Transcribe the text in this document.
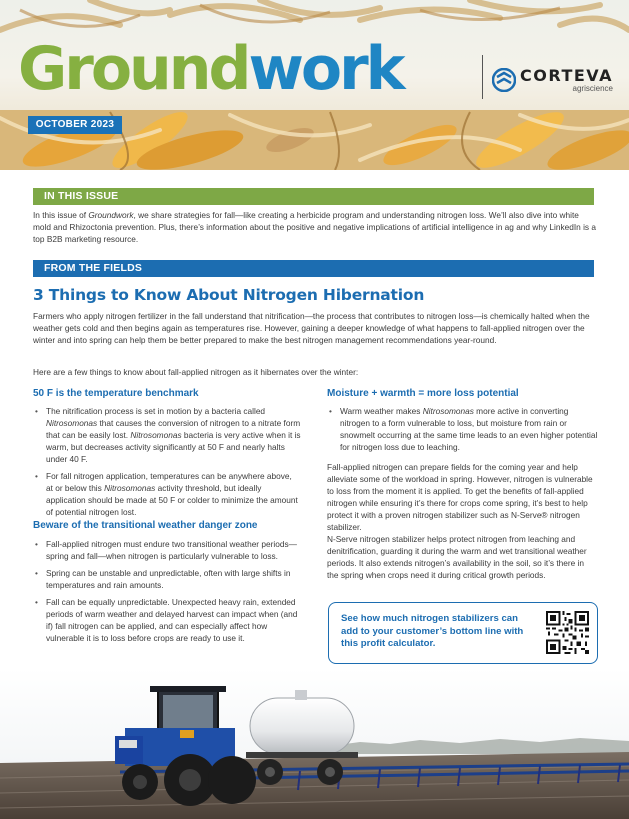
Groundwork	CORTEVA
agriscience
OCTOBER 2023
IN THIS ISSUE
In this issue of Groundwork, we share strategies for fall—like creating a herbicide program and understanding nitrogen loss. We’ll also dive into white mold and Rhizoctonia prevention. Plus, there’s information about the positive and negative implications of artificial intelligence in ag and why LinkedIn is a top B2B marketing resource.
FROM THE FIELDS
3 Things to Know About Nitrogen Hibernation
Farmers who apply nitrogen fertilizer in the fall understand that nitrification—the process that contributes to nitrogen loss—is chemically halted when the weather gets cold and then begins again as temperatures rise. However, gaining a deeper knowledge of what happens to fall-applied nitrogen over the winter and into spring can help them be better prepared to make the best nitrogen management recommendations year-round.
Here are a few things to know about fall-applied nitrogen as it hibernates over the winter:
50 F is the temperature benchmark
• The nitrification process is set in motion by a bacteria called Nitrosomonas that causes the conversion of nitrogen to a nitrate form that can be easily lost. Nitrosomonas bacteria is very active when it is warm, but decreases activity significantly at 50 F and nearly halts under 40 F.
• For fall nitrogen application, temperatures can be anywhere above, at or below this Nitrosomonas activity threshold, but ideally application should be made at 50 F or colder to minimize the amount of potential nitrogen lost.
Beware of the transitional weather danger zone
• Fall-applied nitrogen must endure two transitional weather periods—spring and fall—when nitrogen is particularly vulnerable to loss.
• Spring can be unstable and unpredictable, often with large shifts in temperatures and rain amounts.
• Fall can be equally unpredictable. Unexpected heavy rain, extended periods of warm weather and delayed harvest can impact when (and if) fall nitrogen can be applied, and can especially affect how vulnerable it is to loss before crops are ready to use it.
Moisture + warmth = more loss potential
• Warm weather makes Nitrosomonas more active in converting nitrogen to a form vulnerable to loss, but moisture from rain or snowmelt occurring at the same time leads to an even higher potential for nitrogen loss due to leaching.
Fall-applied nitrogen can prepare fields for the coming year and help alleviate some of the workload in spring. However, nitrogen is vulnerable to loss from the moment it is applied. To get the benefits of fall-applied nitrogen while ensuring it’s there for crops come spring, it’s best to help protect it with a proven nitrogen stabilizer such as N-Serve® nitrogen stabilizer.
N-Serve nitrogen stabilizer helps protect nitrogen from leaching and denitrification, guarding it during the warm and wet transitional weather periods. It also extends nitrogen’s availability in the soil, so it’s there in the spring when crops need it during critical growth periods.
See how much nitrogen stabilizers can add to your customer’s bottom line with this profit calculator.
